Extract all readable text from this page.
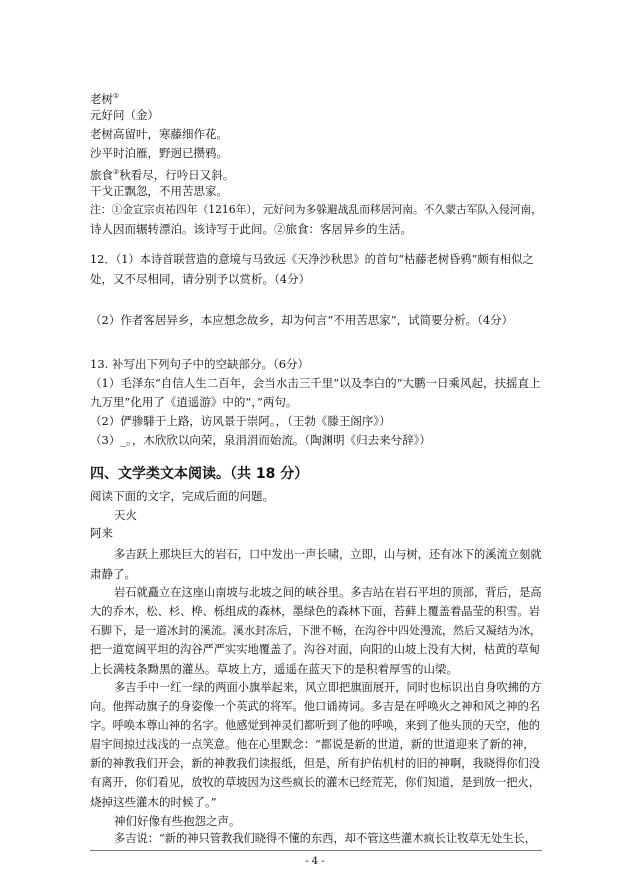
老树①
元好问（金）
老树高留叶，寒藤细作花。
沙平时泊雁，野迥已攒鸦。
旅食②秋看尽，行吟日又斜。
干戈正飘忽，不用苦思家。
注：①金宣宗贞祐四年（1216年），元好问为多躲避战乱而移居河南。不久蒙古军队入侵河南，
诗人因而辗转漂泊。该诗写于此间。②旅食：客居异乡的生活。
12．（1）本诗首联营造的意境与马致远《天净沙秋思》的首句“枯藤老树昏鸦”颇有相似之
处，又不尽相同，请分别予以赏析。（4分）
（2）作者客居异乡，本应想念故乡，却为何言“不用苦思家”，试简要分析。（4分）
13. 补写出下列句子中的空缺部分。（6分）
（1）毛泽东“自信人生二百年，会当水击三千里”以及李白的“大鹏一日乘风起，扶摇直上
九万里”化用了《逍遥游》中的“，”两句。
（2）俨骖騑于上路，访风景于崇阿。，（王勃《滕王阁序》）
（3）_。，木欣欣以向荣，泉涓涓而始流。（陶渊明《归去来兮辞》）
四、文学类文本阅读。（共 18 分）
阅读下面的文字，完成后面的问题。
天火
阿来
多吉跃上那块巨大的岩石，口中发出一声长啸，立即，山与树，还有冰下的溪流立刻就
肃静了。
岩石就矗立在这座山南坡与北坡之间的峡谷里。多吉站在岩石平坦的顶部，背后，是高
大的乔木，松、杉、桦、栎组成的森林，墨绿色的森林下面，苔藓上覆盖着晶莹的积雪。岩
石脚下，是一道冰封的溪流。溪水封冻后，下泄不畅，在沟谷中四处漫流，然后又凝结为冰，
把一道宽阔平坦的沟谷严严实实地覆盖了。沟谷对面，向阳的山坡上没有大树，枯黄的草甸
上长满枝条黝黑的灌丛。草坡上方，遥遥在蓝天下的是积着厚雪的山梁。
多吉手中一红一绿的两面小旗举起来，风立即把旗面展开，同时也标识出自身吹拂的方
向。他挥动旗子的身姿像一个英武的将军。他口诵祷词。多吉是在呼唤火之神和风之神的名
字。呼唤本尊山神的名字。他感觉到神灵们都听到了他的呼唤，来到了他头顶的天空，他的
眉宇间掠过浅浅的一点笑意。他在心里默念：“都说是新的世道，新的世道迎来了新的神，
新的神教我们开会，新的神教我们读报纸，但是，所有护佑机村的旧的神啊，我晓得你们没
有离开，你们看见，放牧的草坡因为这些疯长的灌木已经荒芜，你们知道，是到放一把火，
烧掉这些灌木的时候了。”
神们好像有些抱怨之声。
多吉说：“新的神只管教我们晓得不懂的东西，却不管这些灌木疯长让牧草无处生长，
- 4 -
